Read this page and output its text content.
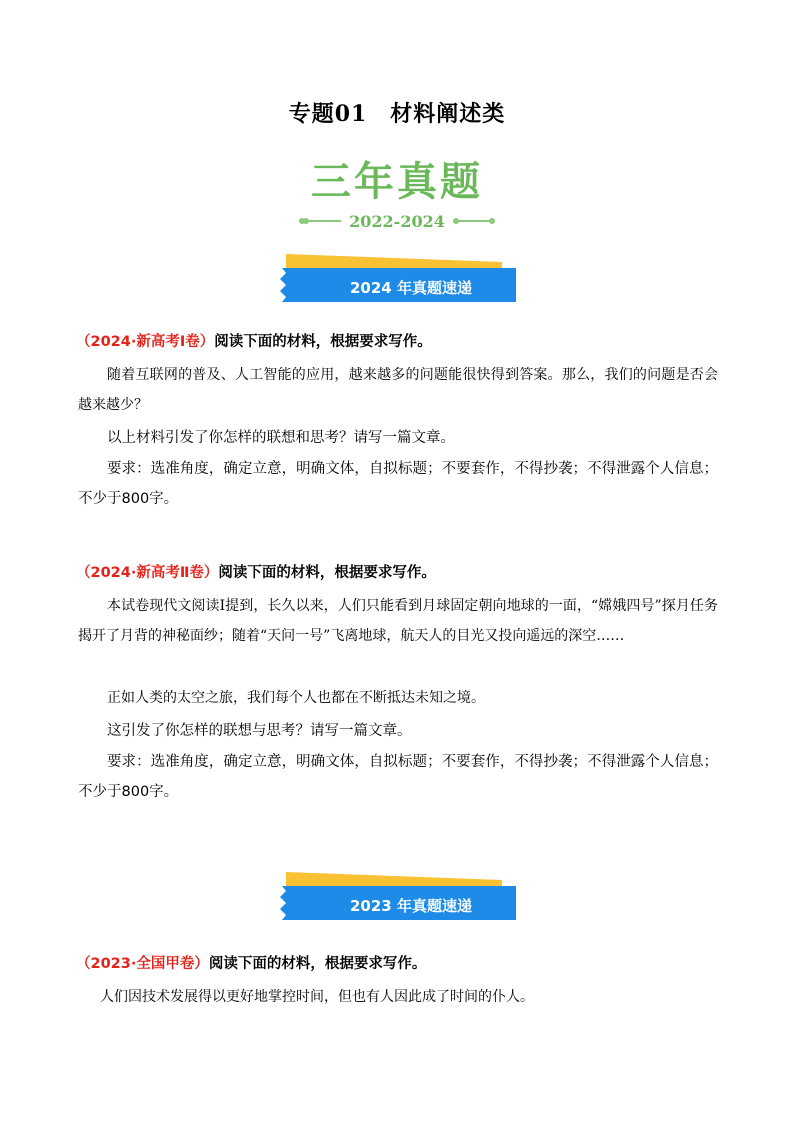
专题01　材料阐述类
三年真题
2022-2024
2024 年真题速递
（2024·新高考Ⅰ卷）阅读下面的材料，根据要求写作。
随着互联网的普及、人工智能的应用，越来越多的问题能很快得到答案。那么，我们的问题是否会越来越少？
以上材料引发了你怎样的联想和思考？请写一篇文章。
要求：选准角度，确定立意，明确文体，自拟标题；不要套作，不得抄袭；不得泄露个人信息；不少于800字。
（2024·新高考Ⅱ卷）阅读下面的材料，根据要求写作。
本试卷现代文阅读Ⅰ提到，长久以来，人们只能看到月球固定朝向地球的一面，“嫦娥四号”探月任务揭开了月背的神秘面纱；随着“天问一号”飞离地球，航天人的目光又投向遥远的深空……
正如人类的太空之旅，我们每个人也都在不断抵达未知之境。
这引发了你怎样的联想与思考？请写一篇文章。
要求：选准角度，确定立意，明确文体，自拟标题；不要套作，不得抄袭；不得泄露个人信息；不少于800字。
2023 年真题速递
（2023·全国甲卷）阅读下面的材料，根据要求写作。
人们因技术发展得以更好地掌控时间，但也有人因此成了时间的仆人。
